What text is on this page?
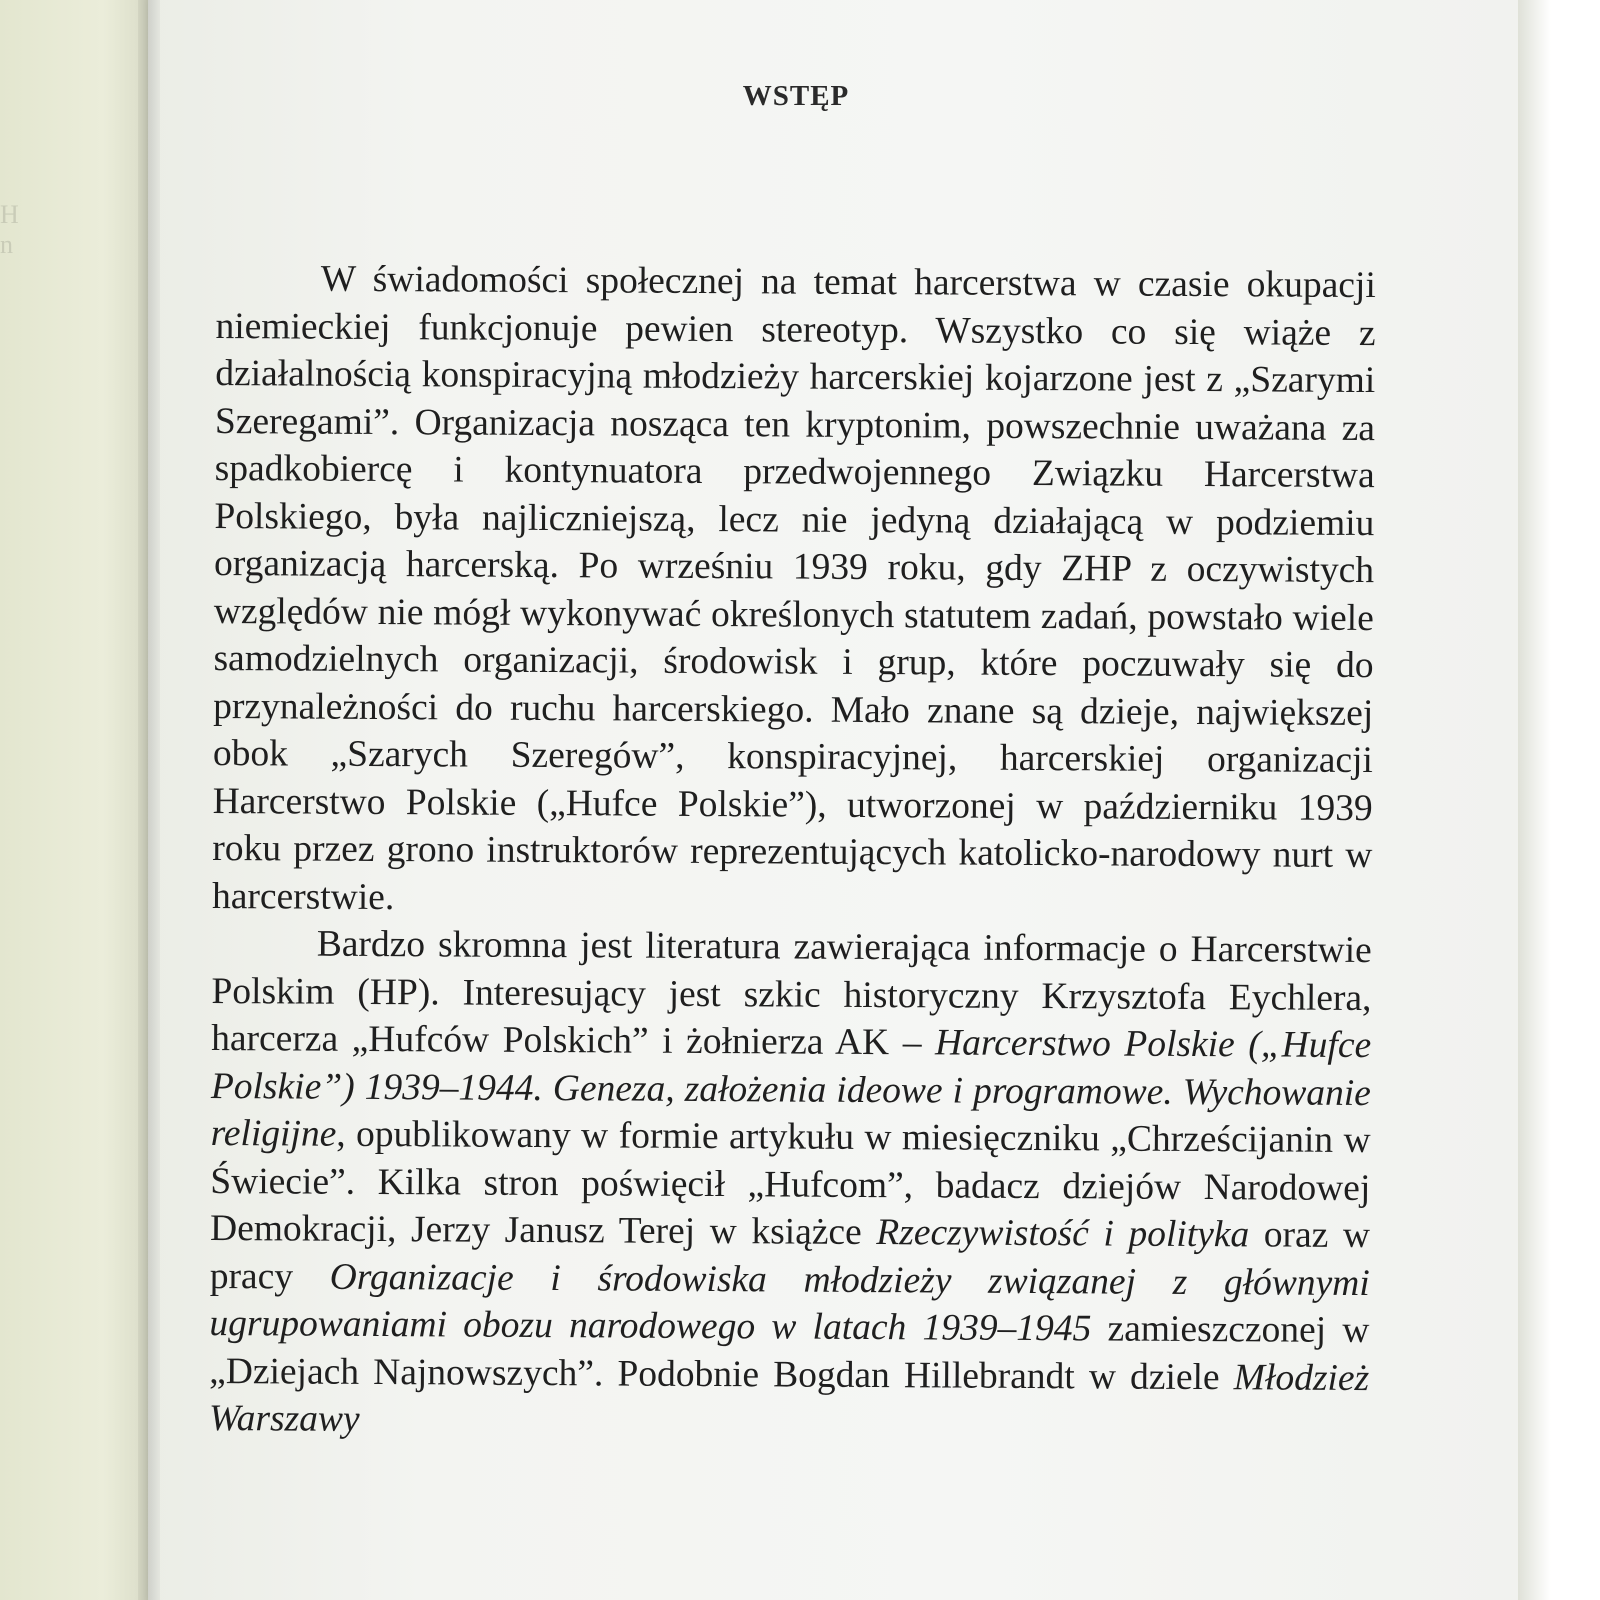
H
n
WSTĘP

W świadomości społecznej na temat harcerstwa w czasie okupacji niemieckiej funkcjonuje pewien stereotyp. Wszystko co się wiąże z działalnością konspiracyjną młodzieży harcerskiej kojarzone jest z „Szarymi Szeregami”. Organizacja nosząca ten kryptonim, powszechnie uważana za spadkobiercę i kontynuatora przedwojennego Związku Harcerstwa Polskiego, była najliczniejszą, lecz nie jedyną działającą w podziemiu organizacją harcerską. Po wrześniu 1939 roku, gdy ZHP z oczywistych względów nie mógł wykonywać określonych statutem zadań, powstało wiele samodzielnych organizacji, środowisk i grup, które poczuwały się do przynależności do ruchu harcerskiego. Mało znane są dzieje, największej obok „Szarych Szeregów”, konspiracyjnej, harcerskiej organizacji Harcerstwo Polskie („Hufce Polskie”), utworzonej w październiku 1939 roku przez grono instruktorów reprezentujących katolicko-narodowy nurt w harcerstwie.

Bardzo skromna jest literatura zawierająca informacje o Harcerstwie Polskim (HP). Interesujący jest szkic historyczny Krzysztofa Eychlera, harcerza „Hufców Polskich” i żołnierza AK – Harcerstwo Polskie („Hufce Polskie”) 1939–1944. Geneza, założenia ideowe i programowe. Wychowanie religijne, opublikowany w formie artykułu w miesięczniku „Chrześcijanin w Świecie”. Kilka stron poświęcił „Hufcom”, badacz dziejów Narodowej Demokracji, Jerzy Janusz Terej w książce Rzeczywistość i polityka oraz w pracy Organizacje i środowiska młodzieży związanej z głównymi ugrupowaniami obozu narodowego w latach 1939–1945 zamieszczonej w „Dziejach Najnowszych”. Podobnie Bogdan Hillebrandt w dziele Młodzież Warszawy
